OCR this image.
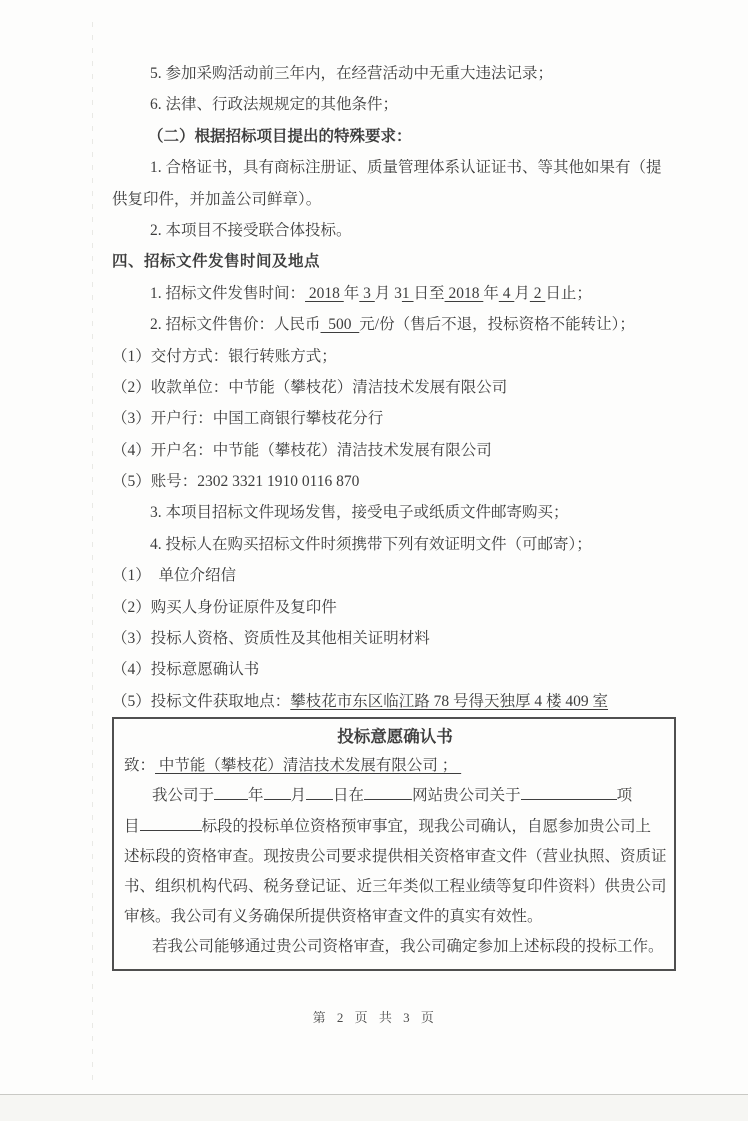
5. 参加采购活动前三年内，在经营活动中无重大违法记录；
6. 法律、行政法规规定的其他条件；
（二）根据招标项目提出的特殊要求：
1. 合格证书，具有商标注册证、质量管理体系认证证书、等其他如果有（提
供复印件，并加盖公司鲜章）。
2. 本项目不接受联合体投标。
四、招标文件发售时间及地点
1. 招标文件发售时间： 2018 年 3 月 31 日至 2018 年 4 月 2 日止；
2. 招标文件售价：人民币  500  元/份（售后不退，投标资格不能转让）；
（1）交付方式：银行转账方式；
（2）收款单位：中节能（攀枝花）清洁技术发展有限公司
（3）开户行：中国工商银行攀枝花分行
（4）开户名：中节能（攀枝花）清洁技术发展有限公司
（5）账号：2302 3321 1910 0116 870
3. 本项目招标文件现场发售，接受电子或纸质文件邮寄购买；
4. 投标人在购买招标文件时须携带下列有效证明文件（可邮寄）；
（1）　单位介绍信
（2）购买人身份证原件及复印件
（3）投标人资格、资质性及其他相关证明材料
（4）投标意愿确认书
（5）投标文件获取地点：攀枝花市东区临江路 78 号得天独厚 4 楼 409 室
投标意愿确认书
致： 中节能（攀枝花）清洁技术发展有限公司 ；
我公司于 年 月 日在	网站贵公司关于	项
目	标段的投标单位资格预审事宜，现我公司确认，自愿参加贵公司上
述标段的资格审查。现按贵公司要求提供相关资格审查文件（营业执照、资质证
书、组织机构代码、税务登记证、近三年类似工程业绩等复印件资料）供贵公司
审核。我公司有义务确保所提供资格审查文件的真实有效性。
若我公司能够通过贵公司资格审查，我公司确定参加上述标段的投标工作。
第 2 页 共 3 页
